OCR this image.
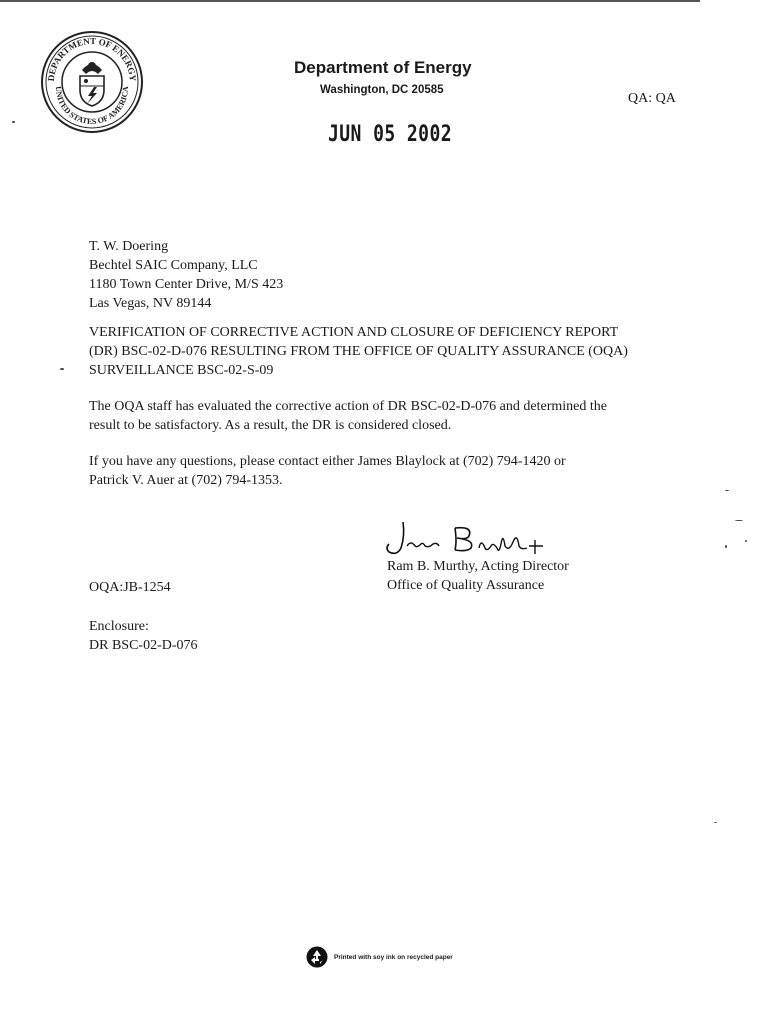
DEPARTMENT OF ENERGY
UNITED STATES OF AMERICA
Department of Energy
Washington, DC 20585
QA: QA
JUN 05 2002
T. W. Doering
Bechtel SAIC Company, LLC
1180 Town Center Drive, M/S 423
Las Vegas, NV 89144
VERIFICATION OF CORRECTIVE ACTION AND CLOSURE OF DEFICIENCY REPORT
(DR) BSC-02-D-076 RESULTING FROM THE OFFICE OF QUALITY ASSURANCE (OQA)
SURVEILLANCE BSC-02-S-09
The OQA staff has evaluated the corrective action of DR BSC-02-D-076 and determined the
result to be satisfactory. As a result, the DR is considered closed.
If you have any questions, please contact either James Blaylock at (702) 794-1420 or
Patrick V. Auer at (702) 794-1353.
Ram B. Murthy, Acting Director
Office of Quality Assurance
OQA:JB-1254
Enclosure:
DR BSC-02-D-076
Printed with soy ink on recycled paper
